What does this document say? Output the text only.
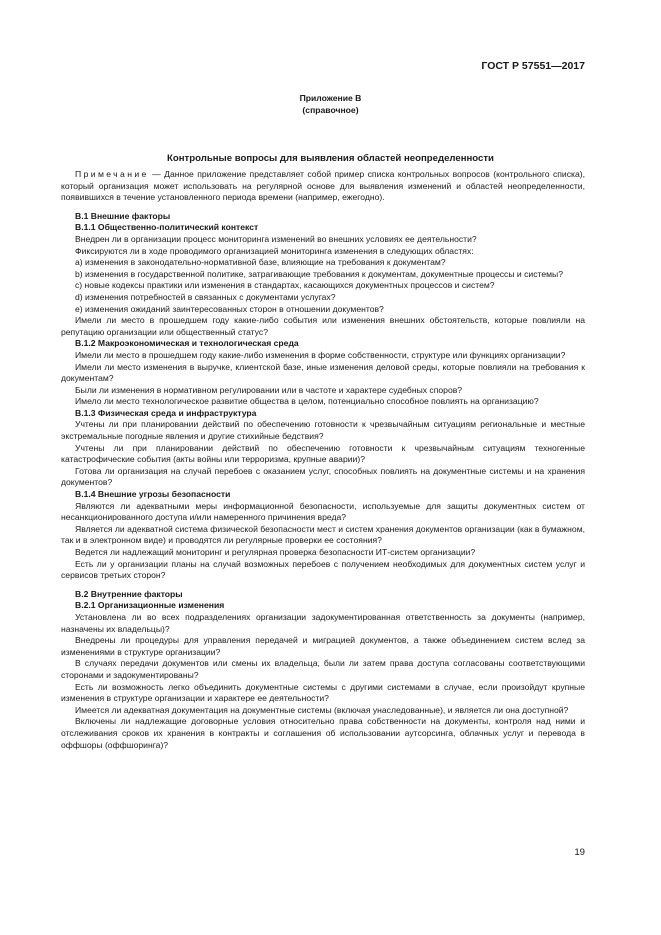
ГОСТ Р 57551—2017
Приложение В
(справочное)
Контрольные вопросы для выявления областей неопределенности

Примечание — Данное приложение представляет собой пример списка контрольных вопросов (контрольного списка), который организация может использовать на регулярной основе для выявления изменений и областей неопределенности, появившихся в течение установленного периода времени (например, ежегодно).

В.1 Внешние факторы

В.1.1 Общественно-политический контекст

Внедрен ли в организации процесс мониторинга изменений во внешних условиях ее деятельности?

Фиксируются ли в ходе проводимого организацией мониторинга изменения в следующих областях:

а) изменения в законодательно-нормативной базе, влияющие на требования к документам?

b) изменения в государственной политике, затрагивающие требования к документам, документные процессы и системы?

с) новые кодексы практики или изменения в стандартах, касающихся документных процессов и систем?

d) изменения потребностей в связанных с документами услугах?

е) изменения ожиданий заинтересованных сторон в отношении документов?

Имели ли место в прошедшем году какие-либо события или изменения внешних обстоятельств, которые повлияли на репутацию организации или общественный статус?

В.1.2 Макроэкономическая и технологическая среда

Имели ли место в прошедшем году какие-либо изменения в форме собственности, структуре или функциях организации?

Имели ли место изменения в выручке, клиентской базе, иные изменения деловой среды, которые повлияли на требования к документам?

Были ли изменения в нормативном регулировании или в частоте и характере судебных споров?

Имело ли место технологическое развитие общества в целом, потенциально способное повлиять на организацию?

В.1.3 Физическая среда и инфраструктура

Учтены ли при планировании действий по обеспечению готовности к чрезвычайным ситуациям региональные и местные экстремальные погодные явления и другие стихийные бедствия?

Учтены ли при планировании действий по обеспечению готовности к чрезвычайным ситуациям техногенные катастрофические события (акты войны или терроризма, крупные аварии)?

Готова ли организация на случай перебоев с оказанием услуг, способных повлиять на документные системы и на хранения документов?

В.1.4 Внешние угрозы безопасности

Являются ли адекватными меры информационной безопасности, используемые для защиты документных систем от несанкционированного доступа и/или намеренного причинения вреда?

Является ли адекватной система физической безопасности мест и систем хранения документов организации (как в бумажном, так и в электронном виде) и проводятся ли регулярные проверки ее состояния?

Ведется ли надлежащий мониторинг и регулярная проверка безопасности ИТ-систем организации?

Есть ли у организации планы на случай возможных перебоев с получением необходимых для документных систем услуг и сервисов третьих сторон?

В.2 Внутренние факторы

В.2.1 Организационные изменения

Установлена ли во всех подразделениях организации задокументированная ответственность за документы (например, назначены их владельцы)?

Внедрены ли процедуры для управления передачей и миграцией документов, а также объединением систем вслед за изменениями в структуре организации?

В случаях передачи документов или смены их владельца, были ли затем права доступа согласованы соответствующими сторонами и задокументированы?

Есть ли возможность легко объединить документные системы с другими системами в случае, если произойдут крупные изменения в структуре организации и характере ее деятельности?

Имеется ли адекватная документация на документные системы (включая унаследованные), и является ли она доступной?

Включены ли надлежащие договорные условия относительно права собственности на документы, контроля над ними и отслеживания сроков их хранения в контракты и соглашения об использовании аутсорсинга, облачных услуг и перевода в оффшоры (оффшоринга)?

19
